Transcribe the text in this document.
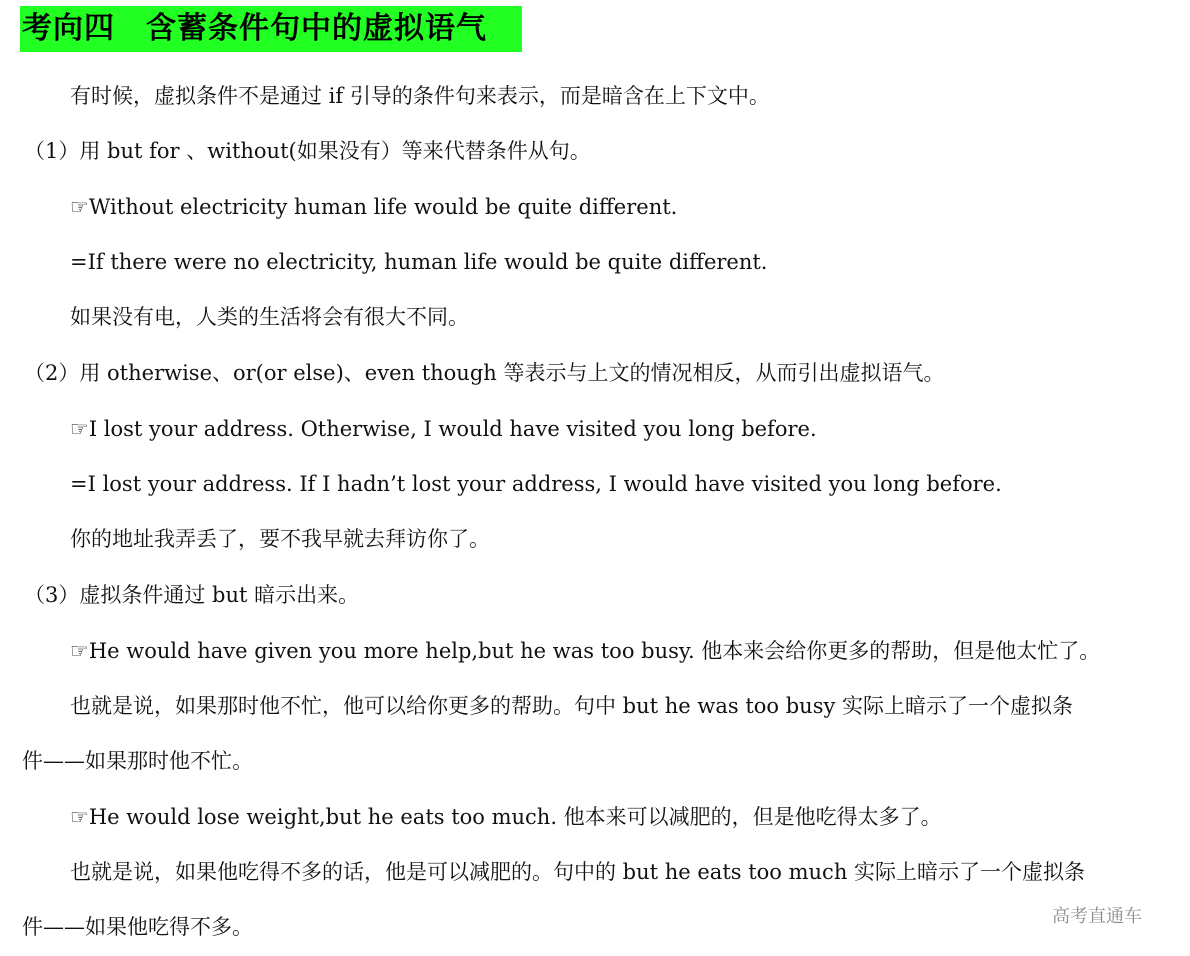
考向四　含蓄条件句中的虚拟语气
有时候，虚拟条件不是通过 if 引导的条件句来表示，而是暗含在上下文中。
（1）用 but for 、without(如果没有）等来代替条件从句。
☞Without electricity human life would be quite different.
=If there were no electricity, human life would be quite different.
如果没有电，人类的生活将会有很大不同。
（2）用 otherwise、or(or else)、even though 等表示与上文的情况相反，从而引出虚拟语气。
☞I lost your address. Otherwise, I would have visited you long before.
=I lost your address. If I hadn’t lost your address, I would have visited you long before.
你的地址我弄丢了，要不我早就去拜访你了。
（3）虚拟条件通过 but 暗示出来。
☞He would have given you more help,but he was too busy. 他本来会给你更多的帮助，但是他太忙了。
也就是说，如果那时他不忙，他可以给你更多的帮助。句中 but he was too busy 实际上暗示了一个虚拟条
件——如果那时他不忙。
☞He would lose weight,but he eats too much. 他本来可以减肥的，但是他吃得太多了。
也就是说，如果他吃得不多的话，他是可以减肥的。句中的 but he eats too much 实际上暗示了一个虚拟条
件——如果他吃得不多。	高考直通车
